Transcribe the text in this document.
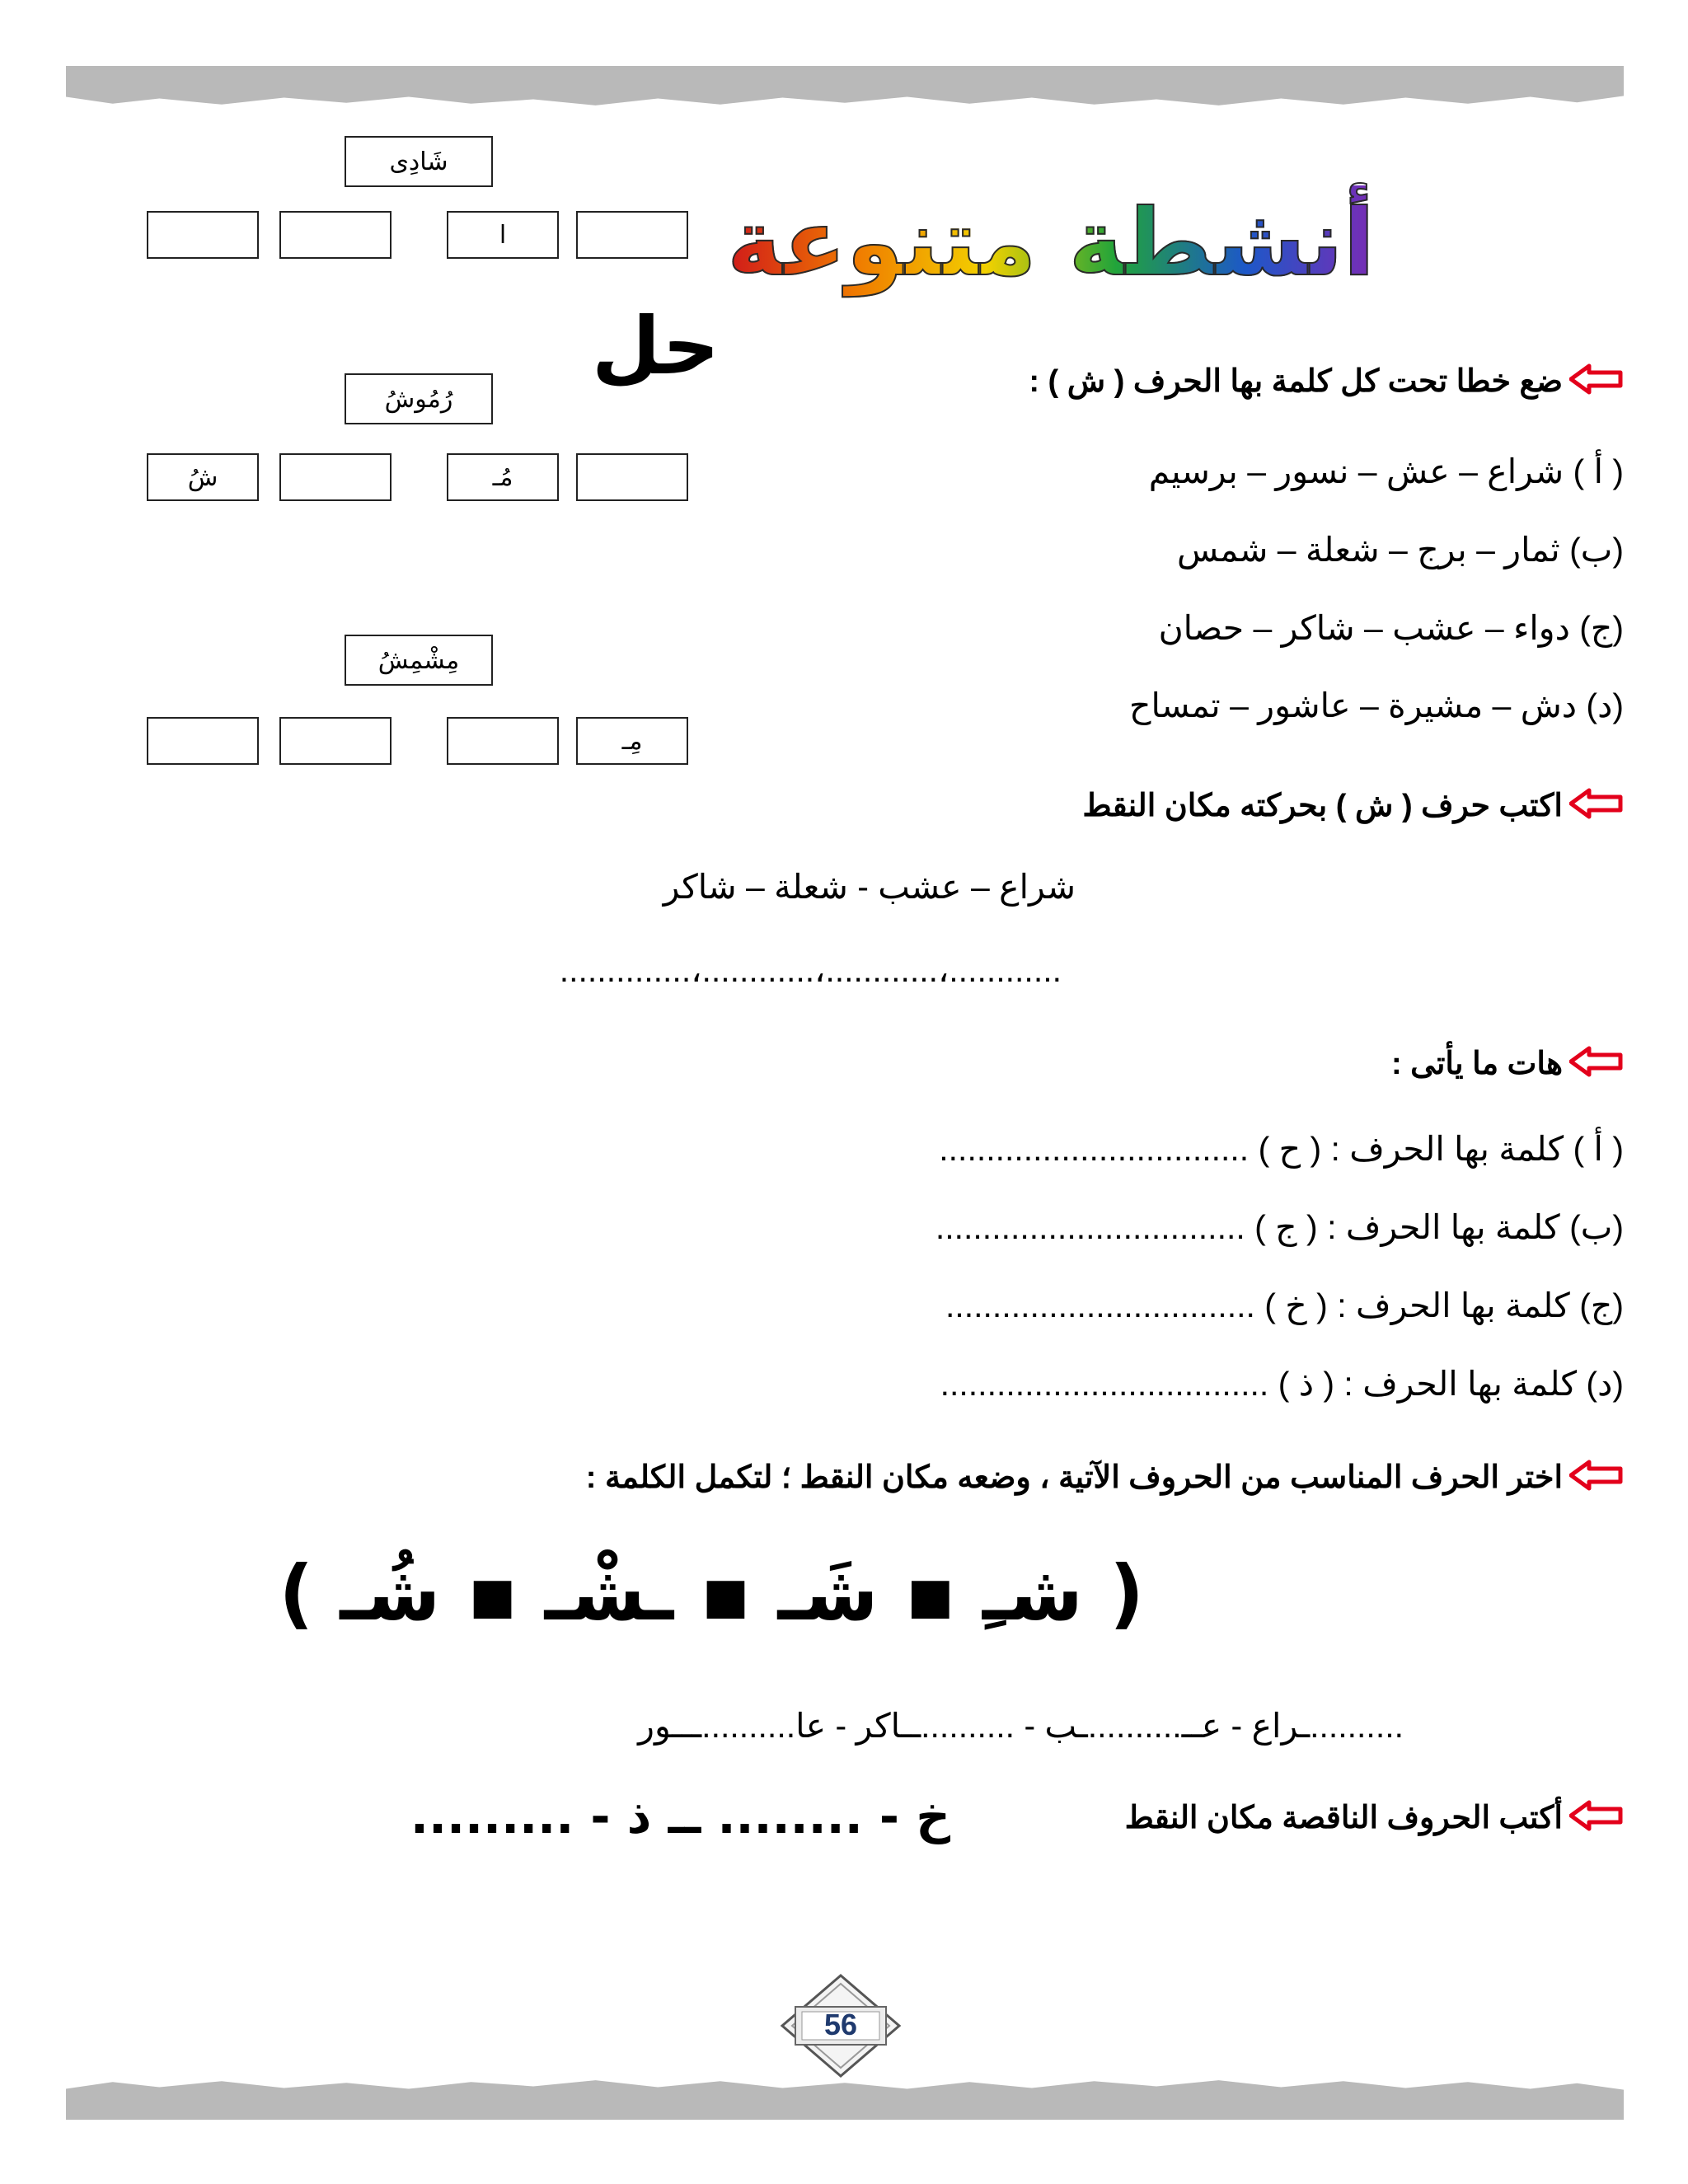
أنشطة متنوعة
حل
شَادِى
ا
رُمُوشُ
شُ	مُـ
مِشْمِشُ
مِـ
ضع خطا تحت كل كلمة بها الحرف ( ش ) :
( أ ) شراع – عش – نسور – برسيم
(ب) ثمار – برج – شعلة – شمس
(ج) دواء – عشب – شاكر – حصان
(د) دش – مشيرة – عاشور – تمساح
اكتب حرف ( ش ) بحركته مكان النقط
شراع – عشب - شعلة – شاكر
............،............،............،..............
هات ما يأتى :
( أ ) كلمة بها الحرف : ( ح ) .................................
(ب) كلمة بها الحرف : ( ج ) .................................
(ج) كلمة بها الحرف : ( خ ) .................................
(د) كلمة بها الحرف : ( ذ ) ...................................
اختر الحرف المناسب من الحروف الآتية ، وضعه مكان النقط ؛ لتكمل الكلمة :
( شـِ ▪ شَـ ▪ ـشْـ ▪ شُـ )
..........ـراع - عــ..........ـب - ..........ــاكر - عا..........ـــور
أكتب الحروف الناقصة مكان النقط
خ - ........ ــ ذ - .........
56
